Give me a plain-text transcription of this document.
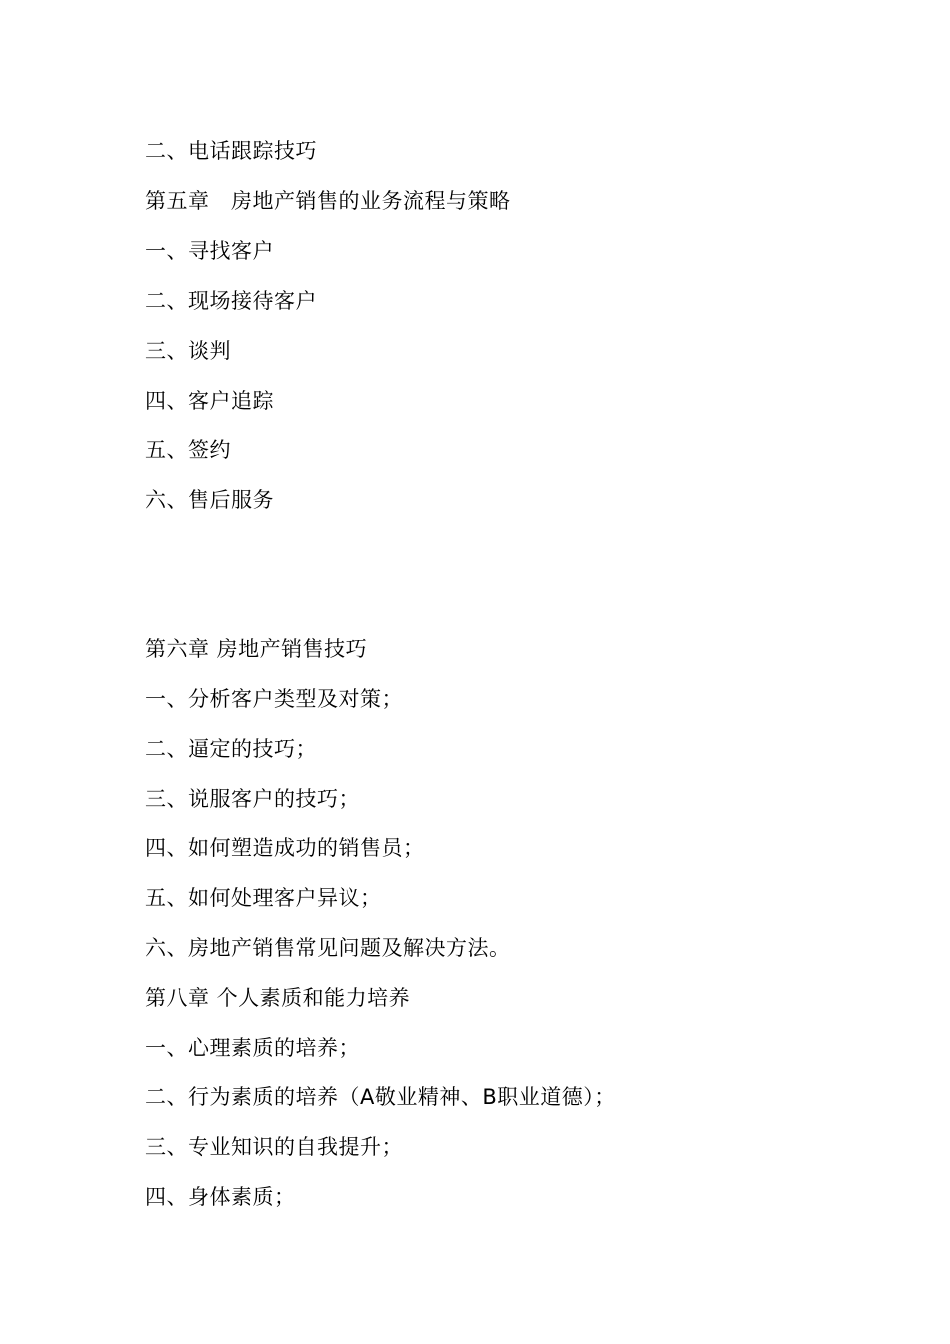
二、电话跟踪技巧
第五章　房地产销售的业务流程与策略
一、寻找客户
二、现场接待客户
三、谈判
四、客户追踪
五、签约
六、售后服务
第六章 房地产销售技巧
一、分析客户类型及对策；
二、逼定的技巧；
三、说服客户的技巧；
四、如何塑造成功的销售员；
五、如何处理客户异议；
六、房地产销售常见问题及解决方法。
第八章 个人素质和能力培养
一、心理素质的培养；
二、行为素质的培养（A敬业精神、B职业道德）；
三、专业知识的自我提升；
四、身体素质；
